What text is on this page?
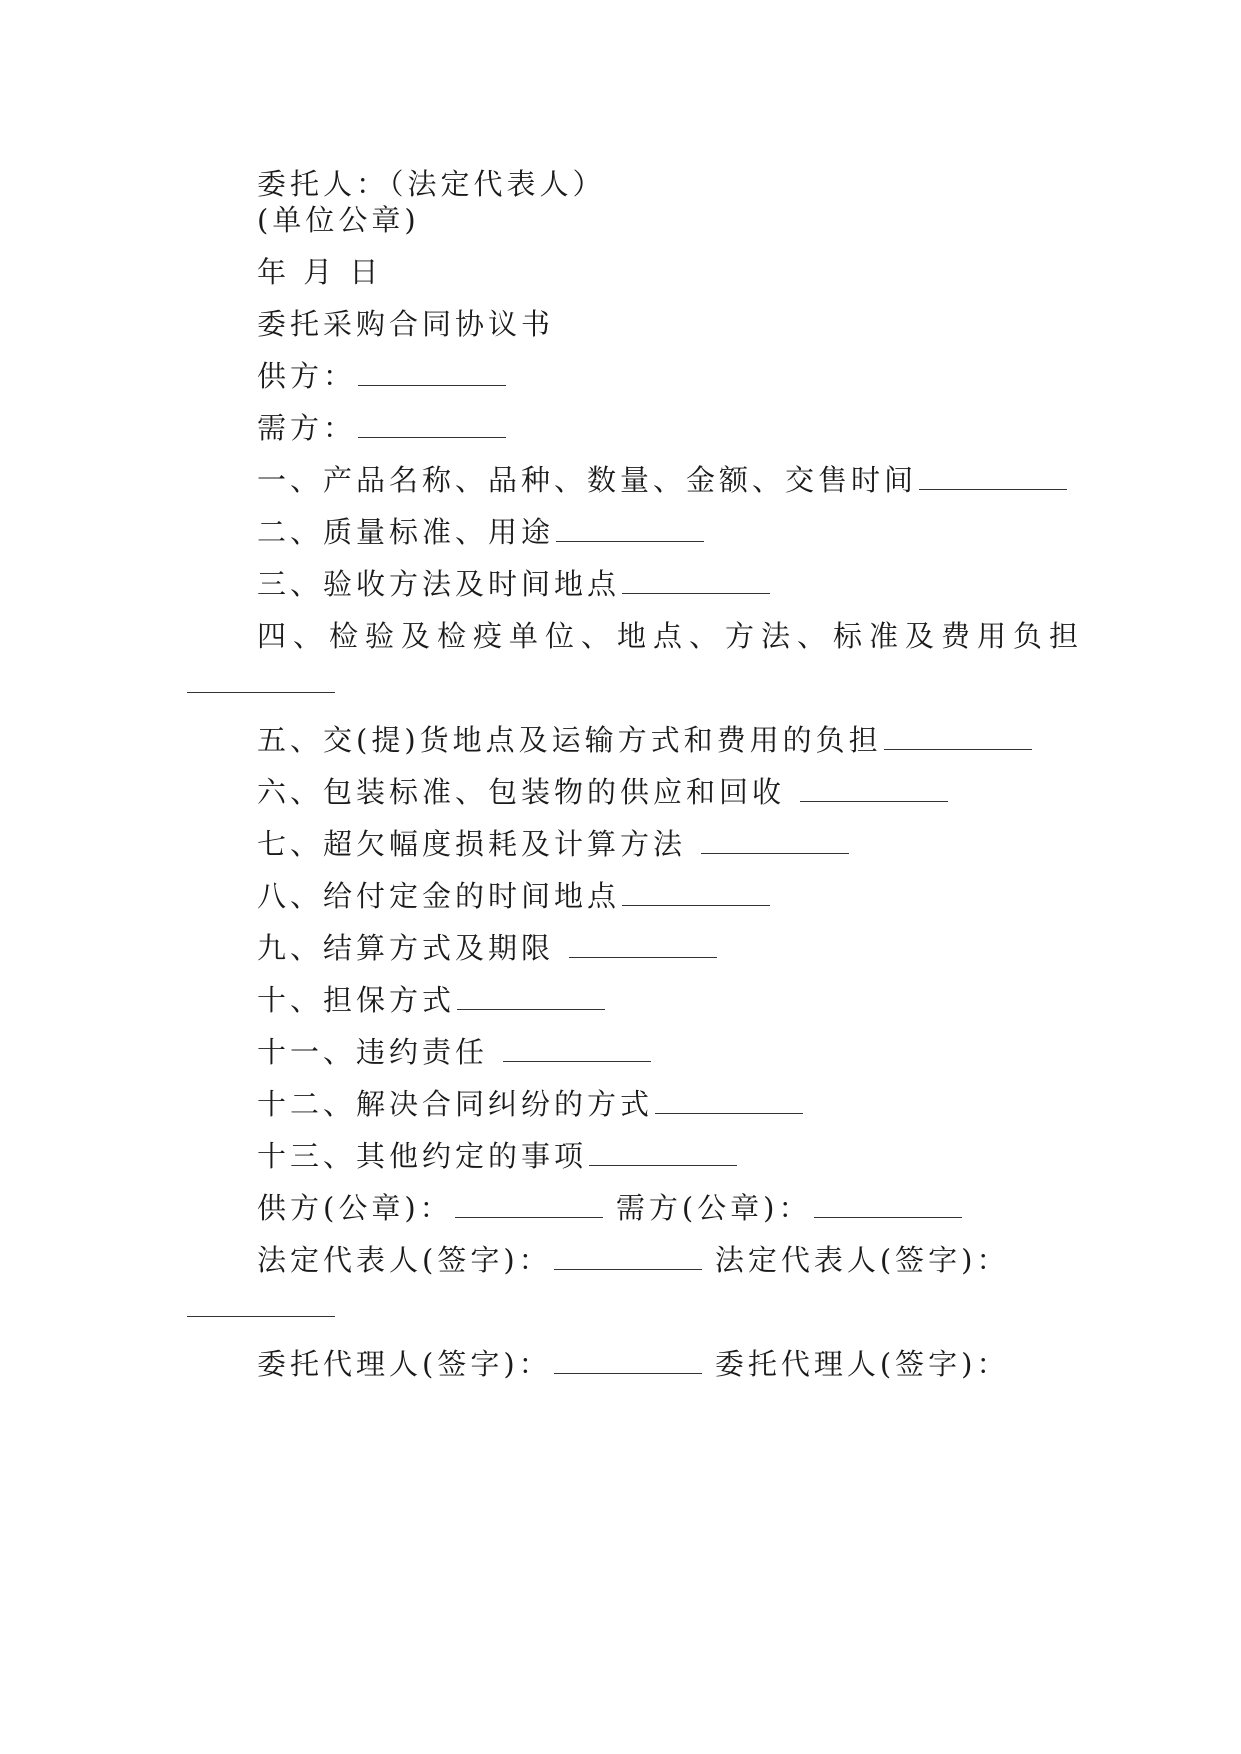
委托人：（法定代表人）
(单位公章)
年 月 日
委托采购合同协议书
供方：
需方：
一、产品名称、品种、数量、金额、交售时间
二、质量标准、用途
三、验收方法及时间地点
四、检验及检疫单位、地点、方法、标准及费用负担
五、交(提)货地点及运输方式和费用的负担
六、包装标准、包装物的供应和回收
七、超欠幅度损耗及计算方法
八、给付定金的时间地点
九、结算方式及期限
十、担保方式
十一、违约责任
十二、解决合同纠纷的方式
十三、其他约定的事项
供方(公章)：	需方(公章)：
法定代表人(签字)：	法定代表人(签字)：
委托代理人(签字)：	委托代理人(签字)：
